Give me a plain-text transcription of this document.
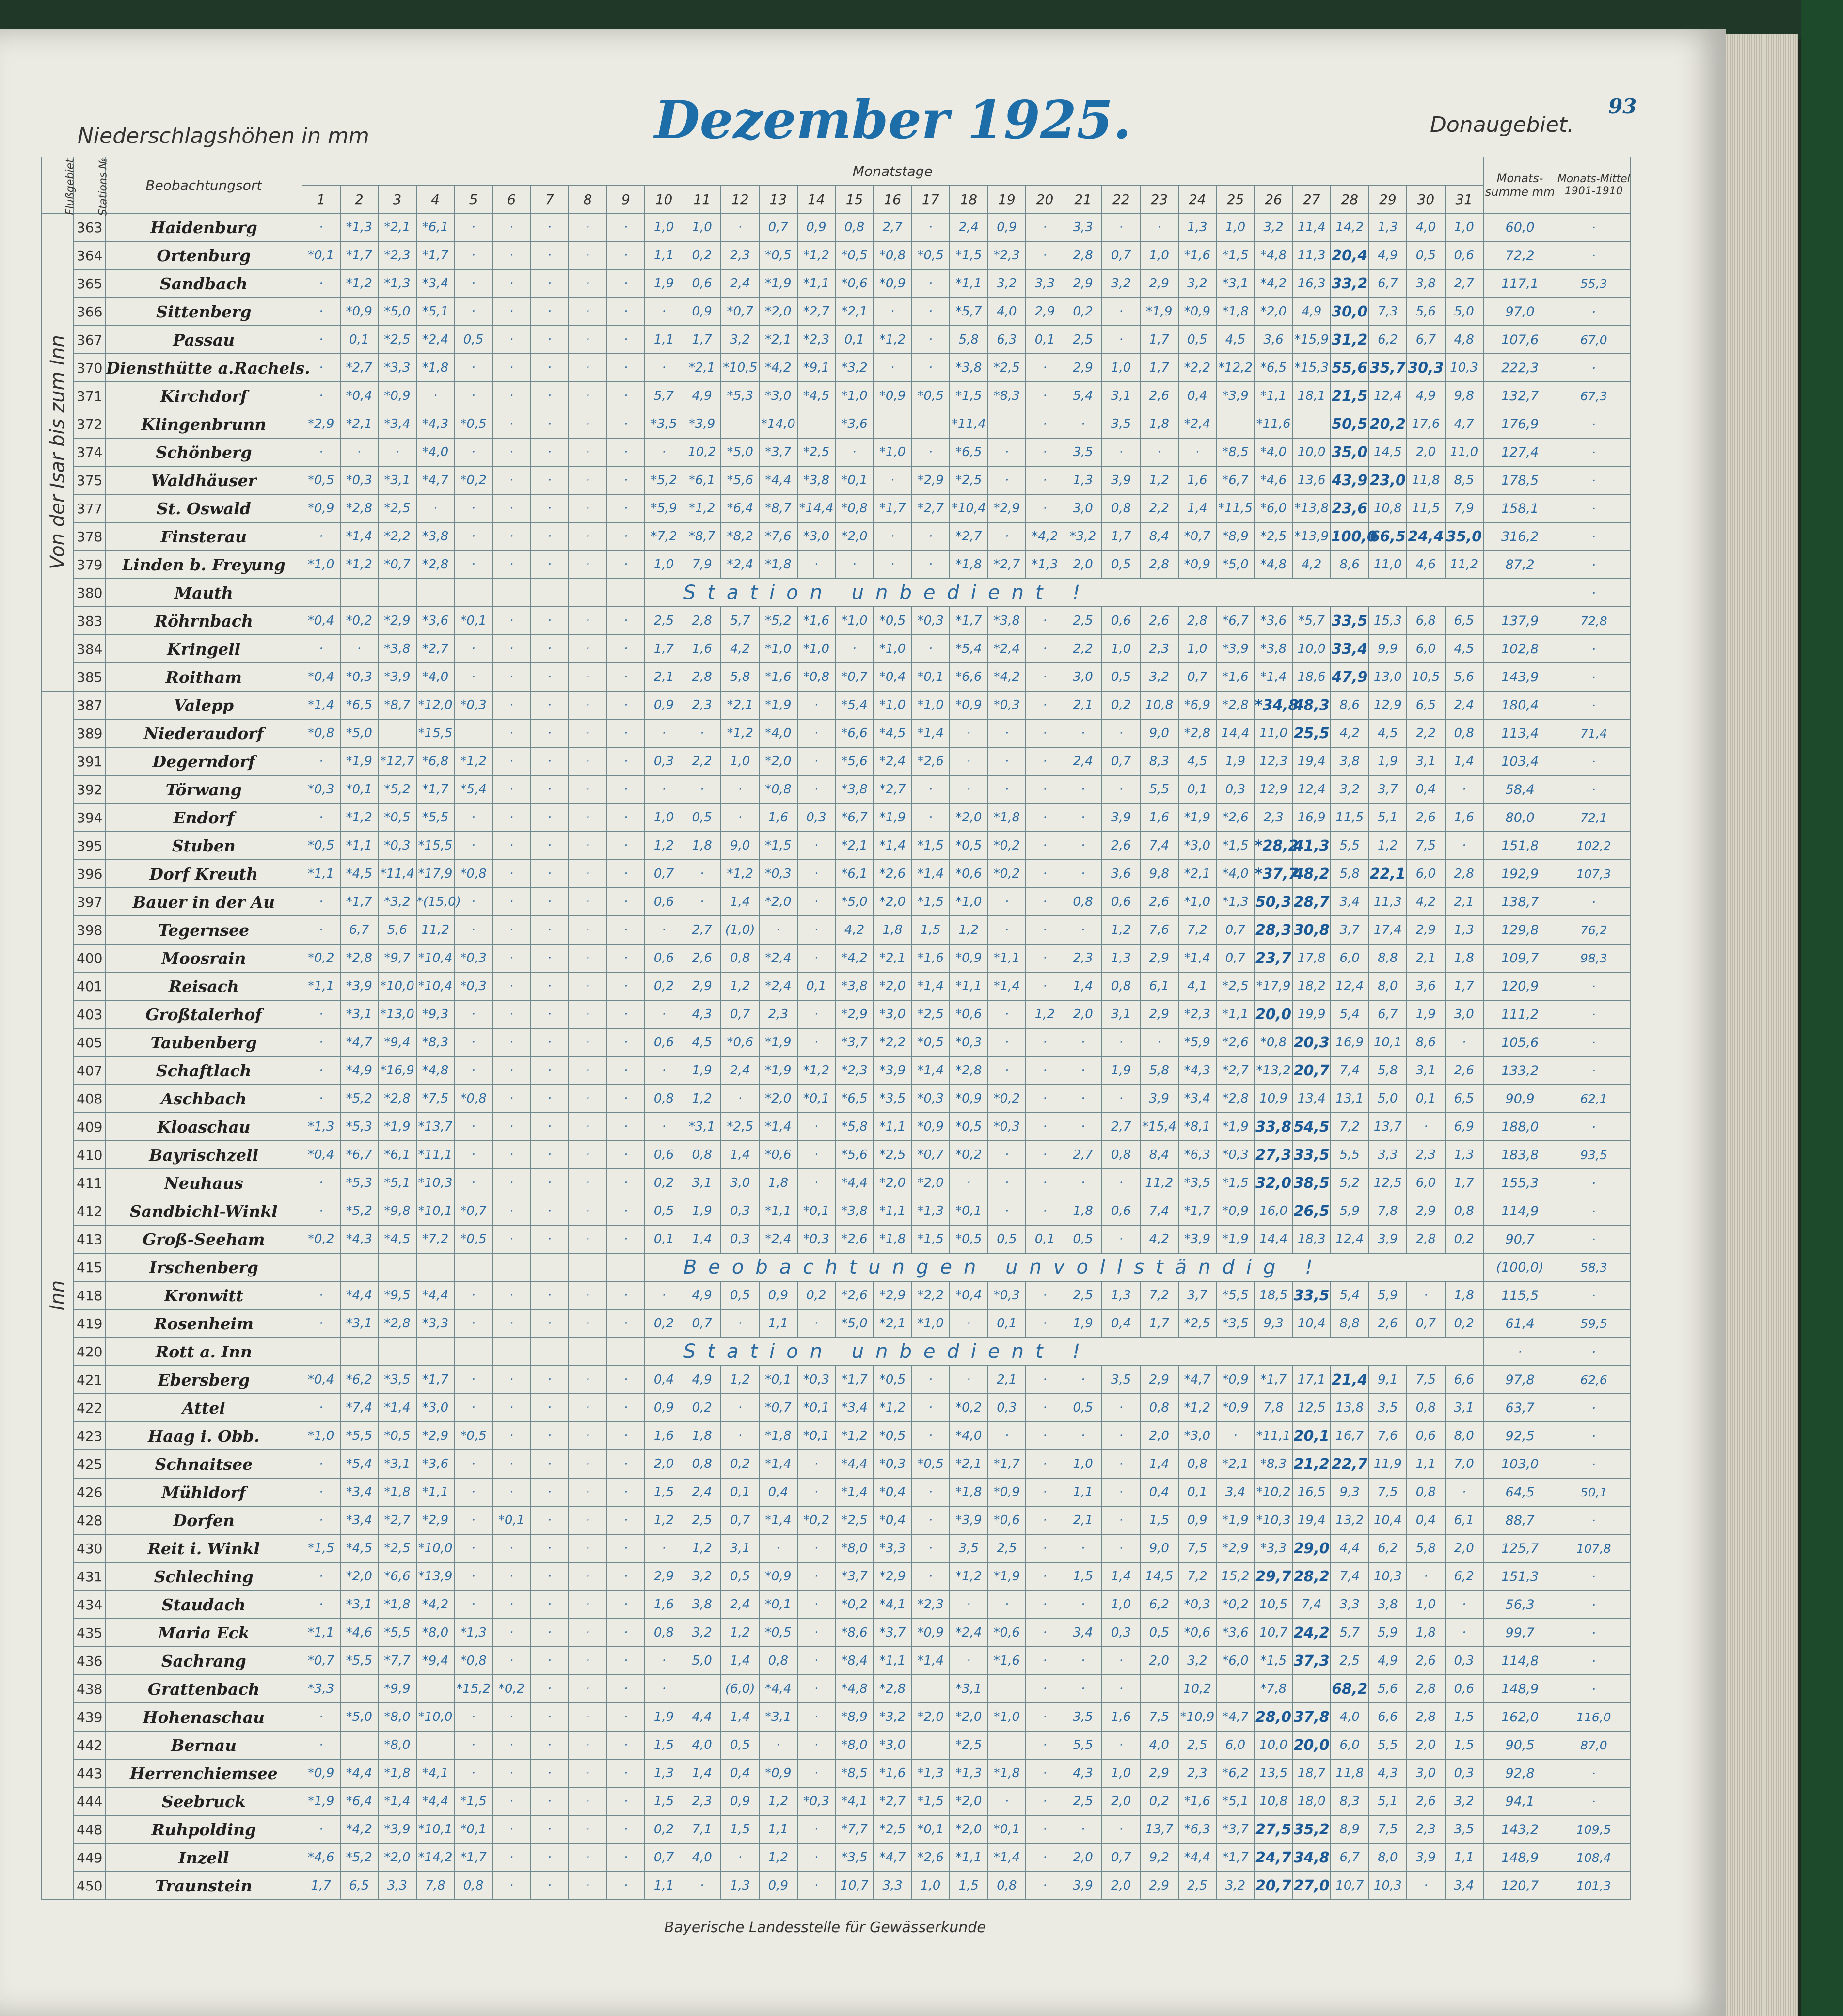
Dezember 1925.	93
Niederschlagshöhen in mm	Donaugebiet.
Flußgebiet	Stations №	Beobachtungsort	Monatstage																															Monats-summe mm	Monats-Mittel 1901-1910
			1	2	3	4	5	6	7	8	9	10	11	12	13	14	15	16	17	18	19	20	21	22	23	24	25	26	27	28	29	30	31		
	363	Haidenburg	·	*1,3	*2,1	*6,1	·	·	·	·	·	1,0	1,0	·	0,7	0,9	0,8	2,7	·	2,4	0,9	·	3,3	·	·	1,3	1,0	3,2	11,4	14,2	1,3	4,0	1,0	60,0	·
	364	Ortenburg	*0,1	*1,7	*2,3	*1,7	·	·	·	·	·	1,1	0,2	2,3	*0,5	*1,2	*0,5	*0,8	*0,5	*1,5	*2,3	·	2,8	0,7	1,0	*1,6	*1,5	*4,8	11,3	20,4	4,9	0,5	0,6	72,2	·
	365	Sandbach	·	*1,2	*1,3	*3,4	·	·	·	·	·	1,9	0,6	2,4	*1,9	*1,1	*0,6	*0,9	·	*1,1	3,2	3,3	2,9	3,2	2,9	3,2	*3,1	*4,2	16,3	33,2	6,7	3,8	2,7	117,1	55,3
	366	Sittenberg	·	*0,9	*5,0	*5,1	·	·	·	·	·	·	0,9	*0,7	*2,0	*2,7	*2,1	·	·	*5,7	4,0	2,9	0,2	·	*1,9	*0,9	*1,8	*2,0	4,9	30,0	7,3	5,6	5,0	97,0	·
	367	Passau	·	0,1	*2,5	*2,4	0,5	·	·	·	·	1,1	1,7	3,2	*2,1	*2,3	0,1	*1,2	·	5,8	6,3	0,1	2,5	·	1,7	0,5	4,5	3,6	*15,9	31,2	6,2	6,7	4,8	107,6	67,0
	370	Diensthütte a.Rachels.	·	*2,7	*3,3	*1,8	·	·	·	·	·	·	*2,1	*10,5	*4,2	*9,1	*3,2	·	·	*3,8	*2,5	·	2,9	1,0	1,7	*2,2	*12,2	*6,5	*15,3	55,6	35,7	30,3	10,3	222,3	·
	371	Kirchdorf	·	*0,4	*0,9	·	·	·	·	·	·	5,7	4,9	*5,3	*3,0	*4,5	*1,0	*0,9	*0,5	*1,5	*8,3	·	5,4	3,1	2,6	0,4	*3,9	*1,1	18,1	21,5	12,4	4,9	9,8	132,7	67,3
	372	Klingenbrunn	*2,9	*2,1	*3,4	*4,3	*0,5	·	·	·	·	*3,5	*3,9		*14,0		*3,6			*11,4		·	·	3,5	1,8	*2,4		*11,6		50,5	20,2	17,6	4,7	176,9	·
	374	Schönberg	·	·	·	*4,0	·	·	·	·	·	·	10,2	*5,0	*3,7	*2,5	·	*1,0	·	*6,5	·	·	3,5	·	·	·	*8,5	*4,0	10,0	35,0	14,5	2,0	11,0	127,4	·
	375	Waldhäuser	*0,5	*0,3	*3,1	*4,7	*0,2	·	·	·	·	*5,2	*6,1	*5,6	*4,4	*3,8	*0,1	·	*2,9	*2,5	·	·	1,3	3,9	1,2	1,6	*6,7	*4,6	13,6	43,9	23,0	11,8	8,5	178,5	·
	377	St. Oswald	*0,9	*2,8	*2,5	·	·	·	·	·	·	*5,9	*1,2	*6,4	*8,7	*14,4	*0,8	*1,7	*2,7	*10,4	*2,9	·	3,0	0,8	2,2	1,4	*11,5	*6,0	*13,8	23,6	10,8	11,5	7,9	158,1	·
	378	Finsterau	·	*1,4	*2,2	*3,8	·	·	·	·	·	*7,2	*8,7	*8,2	*7,6	*3,0	*2,0	·	·	*2,7	·	*4,2	*3,2	1,7	8,4	*0,7	*8,9	*2,5	*13,9	100,0	66,5	24,4	35,0	316,2	·
	379	Linden b. Freyung	*1,0	*1,2	*0,7	*2,8	·	·	·	·	·	1,0	7,9	*2,4	*1,8	·	·	·	·	*1,8	*2,7	*1,3	2,0	0,5	2,8	*0,9	*5,0	*4,8	4,2	8,6	11,0	4,6	11,2	87,2	·
	380	Mauth											Station unbedient !																						·
	383	Röhrnbach	*0,4	*0,2	*2,9	*3,6	*0,1	·	·	·	·	2,5	2,8	5,7	*5,2	*1,6	*1,0	*0,5	*0,3	*1,7	*3,8	·	2,5	0,6	2,6	2,8	*6,7	*3,6	*5,7	33,5	15,3	6,8	6,5	137,9	72,8
	384	Kringell	·	·	*3,8	*2,7	·	·	·	·	·	1,7	1,6	4,2	*1,0	*1,0	·	*1,0	·	*5,4	*2,4	·	2,2	1,0	2,3	1,0	*3,9	*3,8	10,0	33,4	9,9	6,0	4,5	102,8	·
	385	Roitham	*0,4	*0,3	*3,9	*4,0	·	·	·	·	·	2,1	2,8	5,8	*1,6	*0,8	*0,7	*0,4	*0,1	*6,6	*4,2	·	3,0	0,5	3,2	0,7	*1,6	*1,4	18,6	47,9	13,0	10,5	5,6	143,9	·
	387	Valepp	*1,4	*6,5	*8,7	*12,0	*0,3	·	·	·	·	0,9	2,3	*2,1	*1,9	·	*5,4	*1,0	*1,0	*0,9	*0,3	·	2,1	0,2	10,8	*6,9	*2,8	*34,8	48,3	8,6	12,9	6,5	2,4	180,4	·
	389	Niederaudorf	*0,8	*5,0		*15,5		·	·	·	·	·	·	*1,2	*4,0	·	*6,6	*4,5	*1,4	·	·	·	·	·	9,0	*2,8	14,4	11,0	25,5	4,2	4,5	2,2	0,8	113,4	71,4
	391	Degerndorf	·	*1,9	*12,7	*6,8	*1,2	·	·	·	·	0,3	2,2	1,0	*2,0	·	*5,6	*2,4	*2,6	·	·	·	2,4	0,7	8,3	4,5	1,9	12,3	19,4	3,8	1,9	3,1	1,4	103,4	·
	392	Törwang	*0,3	*0,1	*5,2	*1,7	*5,4	·	·	·	·	·	·	·	*0,8	·	*3,8	*2,7	·	·	·	·	·	·	5,5	0,1	0,3	12,9	12,4	3,2	3,7	0,4	·	58,4	·
	394	Endorf	·	*1,2	*0,5	*5,5	·	·	·	·	·	1,0	0,5	·	1,6	0,3	*6,7	*1,9	·	*2,0	*1,8	·	·	3,9	1,6	*1,9	*2,6	2,3	16,9	11,5	5,1	2,6	1,6	80,0	72,1
	395	Stuben	*0,5	*1,1	*0,3	*15,5	·	·	·	·	·	1,2	1,8	9,0	*1,5	·	*2,1	*1,4	*1,5	*0,5	*0,2	·	·	2,6	7,4	*3,0	*1,5	*28,2	41,3	5,5	1,2	7,5	·	151,8	102,2
	396	Dorf Kreuth	*1,1	*4,5	*11,4	*17,9	*0,8	·	·	·	·	0,7	·	*1,2	*0,3	·	*6,1	*2,6	*1,4	*0,6	*0,2	·	·	3,6	9,8	*2,1	*4,0	*37,7	48,2	5,8	22,1	6,0	2,8	192,9	107,3
	397	Bauer in der Au	·	*1,7	*3,2	*(15,0)	·	·	·	·	·	0,6	·	1,4	*2,0	·	*5,0	*2,0	*1,5	*1,0	·	·	0,8	0,6	2,6	*1,0	*1,3	50,3	28,7	3,4	11,3	4,2	2,1	138,7	·
	398	Tegernsee	·	6,7	5,6	11,2	·	·	·	·	·	·	2,7	(1,0)	·	·	4,2	1,8	1,5	1,2	·	·	·	1,2	7,6	7,2	0,7	28,3	30,8	3,7	17,4	2,9	1,3	129,8	76,2
	400	Moosrain	*0,2	*2,8	*9,7	*10,4	*0,3	·	·	·	·	0,6	2,6	0,8	*2,4	·	*4,2	*2,1	*1,6	*0,9	*1,1	·	2,3	1,3	2,9	*1,4	0,7	23,7	17,8	6,0	8,8	2,1	1,8	109,7	98,3
	401	Reisach	*1,1	*3,9	*10,0	*10,4	*0,3	·	·	·	·	0,2	2,9	1,2	*2,4	0,1	*3,8	*2,0	*1,4	*1,1	*1,4	·	1,4	0,8	6,1	4,1	*2,5	*17,9	18,2	12,4	8,0	3,6	1,7	120,9	·
	403	Großtalerhof	·	*3,1	*13,0	*9,3	·	·	·	·	·	·	4,3	0,7	2,3	·	*2,9	*3,0	*2,5	*0,6	·	1,2	2,0	3,1	2,9	*2,3	*1,1	20,0	19,9	5,4	6,7	1,9	3,0	111,2	·
	405	Taubenberg	·	*4,7	*9,4	*8,3	·	·	·	·	·	0,6	4,5	*0,6	*1,9	·	*3,7	*2,2	*0,5	*0,3	·	·	·	·	·	*5,9	*2,6	*0,8	20,3	16,9	10,1	8,6	·	105,6	·
	407	Schaftlach	·	*4,9	*16,9	*4,8	·	·	·	·	·	·	1,9	2,4	*1,9	*1,2	*2,3	*3,9	*1,4	*2,8	·	·	·	1,9	5,8	*4,3	*2,7	*13,2	20,7	7,4	5,8	3,1	2,6	133,2	·
	408	Aschbach	·	*5,2	*2,8	*7,5	*0,8	·	·	·	·	0,8	1,2	·	*2,0	*0,1	*6,5	*3,5	*0,3	*0,9	*0,2	·	·	·	3,9	*3,4	*2,8	10,9	13,4	13,1	5,0	0,1	6,5	90,9	62,1
	409	Kloaschau	*1,3	*5,3	*1,9	*13,7	·	·	·	·	·	·	*3,1	*2,5	*1,4	·	*5,8	*1,1	*0,9	*0,5	*0,3	·	·	2,7	*15,4	*8,1	*1,9	33,8	54,5	7,2	13,7	·	6,9	188,0	·
	410	Bayrischzell	*0,4	*6,7	*6,1	*11,1	·	·	·	·	·	0,6	0,8	1,4	*0,6	·	*5,6	*2,5	*0,7	*0,2	·	·	2,7	0,8	8,4	*6,3	*0,3	27,3	33,5	5,5	3,3	2,3	1,3	183,8	93,5
	411	Neuhaus	·	*5,3	*5,1	*10,3	·	·	·	·	·	0,2	3,1	3,0	1,8	·	*4,4	*2,0	*2,0	·	·	·	·	·	11,2	*3,5	*1,5	32,0	38,5	5,2	12,5	6,0	1,7	155,3	·
	412	Sandbichl-Winkl	·	*5,2	*9,8	*10,1	*0,7	·	·	·	·	0,5	1,9	0,3	*1,1	*0,1	*3,8	*1,1	*1,3	*0,1	·	·	1,8	0,6	7,4	*1,7	*0,9	16,0	26,5	5,9	7,8	2,9	0,8	114,9	·
	413	Groß-Seeham	*0,2	*4,3	*4,5	*7,2	*0,5	·	·	·	·	0,1	1,4	0,3	*2,4	*0,3	*2,6	*1,8	*1,5	*0,5	0,5	0,1	0,5	·	4,2	*3,9	*1,9	14,4	18,3	12,4	3,9	2,8	0,2	90,7	·
	415	Irschenberg											Beobachtungen unvollständig !																					(100,0)	58,3
	418	Kronwitt	·	*4,4	*9,5	*4,4	·	·	·	·	·	·	4,9	0,5	0,9	0,2	*2,6	*2,9	*2,2	*0,4	*0,3	·	2,5	1,3	7,2	3,7	*5,5	18,5	33,5	5,4	5,9	·	1,8	115,5	·
	419	Rosenheim	·	*3,1	*2,8	*3,3	·	·	·	·	·	0,2	0,7	·	1,1	·	*5,0	*2,1	*1,0	·	0,1	·	1,9	0,4	1,7	*2,5	*3,5	9,3	10,4	8,8	2,6	0,7	0,2	61,4	59,5
	420	Rott a. Inn											Station unbedient !																					·	·
	421	Ebersberg	*0,4	*6,2	*3,5	*1,7	·	·	·	·	·	0,4	4,9	1,2	*0,1	*0,3	*1,7	*0,5	·	·	2,1	·	·	3,5	2,9	*4,7	*0,9	*1,7	17,1	21,4	9,1	7,5	6,6	97,8	62,6
	422	Attel	·	*7,4	*1,4	*3,0	·	·	·	·	·	0,9	0,2	·	*0,7	*0,1	*3,4	*1,2	·	*0,2	0,3	·	0,5	·	0,8	*1,2	*0,9	7,8	12,5	13,8	3,5	0,8	3,1	63,7	·
	423	Haag i. Obb.	*1,0	*5,5	*0,5	*2,9	*0,5	·	·	·	·	1,6	1,8	·	*1,8	*0,1	*1,2	*0,5	·	*4,0	·	·	·	·	2,0	*3,0	·	*11,1	20,1	16,7	7,6	0,6	8,0	92,5	·
	425	Schnaitsee	·	*5,4	*3,1	*3,6	·	·	·	·	·	2,0	0,8	0,2	*1,4	·	*4,4	*0,3	*0,5	*2,1	*1,7	·	1,0	·	1,4	0,8	*2,1	*8,3	21,2	22,7	11,9	1,1	7,0	103,0	·
	426	Mühldorf	·	*3,4	*1,8	*1,1	·	·	·	·	·	1,5	2,4	0,1	0,4	·	*1,4	*0,4	·	*1,8	*0,9	·	1,1	·	0,4	0,1	3,4	*10,2	16,5	9,3	7,5	0,8	·	64,5	50,1
	428	Dorfen	·	*3,4	*2,7	*2,9	·	*0,1	·	·	·	1,2	2,5	0,7	*1,4	*0,2	*2,5	*0,4	·	*3,9	*0,6	·	2,1	·	1,5	0,9	*1,9	*10,3	19,4	13,2	10,4	0,4	6,1	88,7	·
	430	Reit i. Winkl	*1,5	*4,5	*2,5	*10,0	·	·	·	·	·	·	1,2	3,1	·	·	*8,0	*3,3	·	3,5	2,5	·	·	·	9,0	7,5	*2,9	*3,3	29,0	4,4	6,2	5,8	2,0	125,7	107,8
	431	Schleching	·	*2,0	*6,6	*13,9	·	·	·	·	·	2,9	3,2	0,5	*0,9	·	*3,7	*2,9	·	*1,2	*1,9	·	1,5	1,4	14,5	7,2	15,2	29,7	28,2	7,4	10,3	·	6,2	151,3	·
	434	Staudach	·	*3,1	*1,8	*4,2	·	·	·	·	·	1,6	3,8	2,4	*0,1	·	*0,2	*4,1	*2,3	·	·	·	·	1,0	6,2	*0,3	*0,2	10,5	7,4	3,3	3,8	1,0	·	56,3	·
	435	Maria Eck	*1,1	*4,6	*5,5	*8,0	*1,3	·	·	·	·	0,8	3,2	1,2	*0,5	·	*8,6	*3,7	*0,9	*2,4	*0,6	·	3,4	0,3	0,5	*0,6	*3,6	10,7	24,2	5,7	5,9	1,8	·	99,7	·
	436	Sachrang	*0,7	*5,5	*7,7	*9,4	*0,8	·	·	·	·	·	5,0	1,4	0,8	·	*8,4	*1,1	*1,4	·	*1,6	·	·	·	2,0	3,2	*6,0	*1,5	37,3	2,5	4,9	2,6	0,3	114,8	·
	438	Grattenbach	*3,3		*9,9		*15,2	*0,2	·	·	·	·		(6,0)	*4,4	·	*4,8	*2,8		*3,1		·	·	·		10,2		*7,8		68,2	5,6	2,8	0,6	148,9	·
	439	Hohenaschau	·	*5,0	*8,0	*10,0	·	·	·	·	·	1,9	4,4	1,4	*3,1	·	*8,9	*3,2	*2,0	*2,0	*1,0	·	3,5	1,6	7,5	*10,9	*4,7	28,0	37,8	4,0	6,6	2,8	1,5	162,0	116,0
	442	Bernau	·		*8,0		·	·	·	·	·	1,5	4,0	0,5	·	·	*8,0	*3,0		*2,5		·	5,5	·	4,0	2,5	6,0	10,0	20,0	6,0	5,5	2,0	1,5	90,5	87,0
	443	Herrenchiemsee	*0,9	*4,4	*1,8	*4,1	·	·	·	·	·	1,3	1,4	0,4	*0,9	·	*8,5	*1,6	*1,3	*1,3	*1,8	·	4,3	1,0	2,9	2,3	*6,2	13,5	18,7	11,8	4,3	3,0	0,3	92,8	·
	444	Seebruck	*1,9	*6,4	*1,4	*4,4	*1,5	·	·	·	·	1,5	2,3	0,9	1,2	*0,3	*4,1	*2,7	*1,5	*2,0	·	·	2,5	2,0	0,2	*1,6	*5,1	10,8	18,0	8,3	5,1	2,6	3,2	94,1	·
	448	Ruhpolding	·	*4,2	*3,9	*10,1	*0,1	·	·	·	·	0,2	7,1	1,5	1,1	·	*7,7	*2,5	*0,1	*2,0	*0,1	·	·	·	13,7	*6,3	*3,7	27,5	35,2	8,9	7,5	2,3	3,5	143,2	109,5
	449	Inzell	*4,6	*5,2	*2,0	*14,2	*1,7	·	·	·	·	0,7	4,0	·	1,2	·	*3,5	*4,7	*2,6	*1,1	*1,4	·	2,0	0,7	9,2	*4,4	*1,7	24,7	34,8	6,7	8,0	3,9	1,1	148,9	108,4
	450	Traunstein	1,7	6,5	3,3	7,8	0,8	·	·	·	·	1,1	·	1,3	0,9	·	10,7	3,3	1,0	1,5	0,8	·	3,9	2,0	2,9	2,5	3,2	20,7	27,0	10,7	10,3	·	3,4	120,7	101,3
Bayerische Landesstelle für Gewässerkunde
Von der Isar bis zum Inn
Inn
